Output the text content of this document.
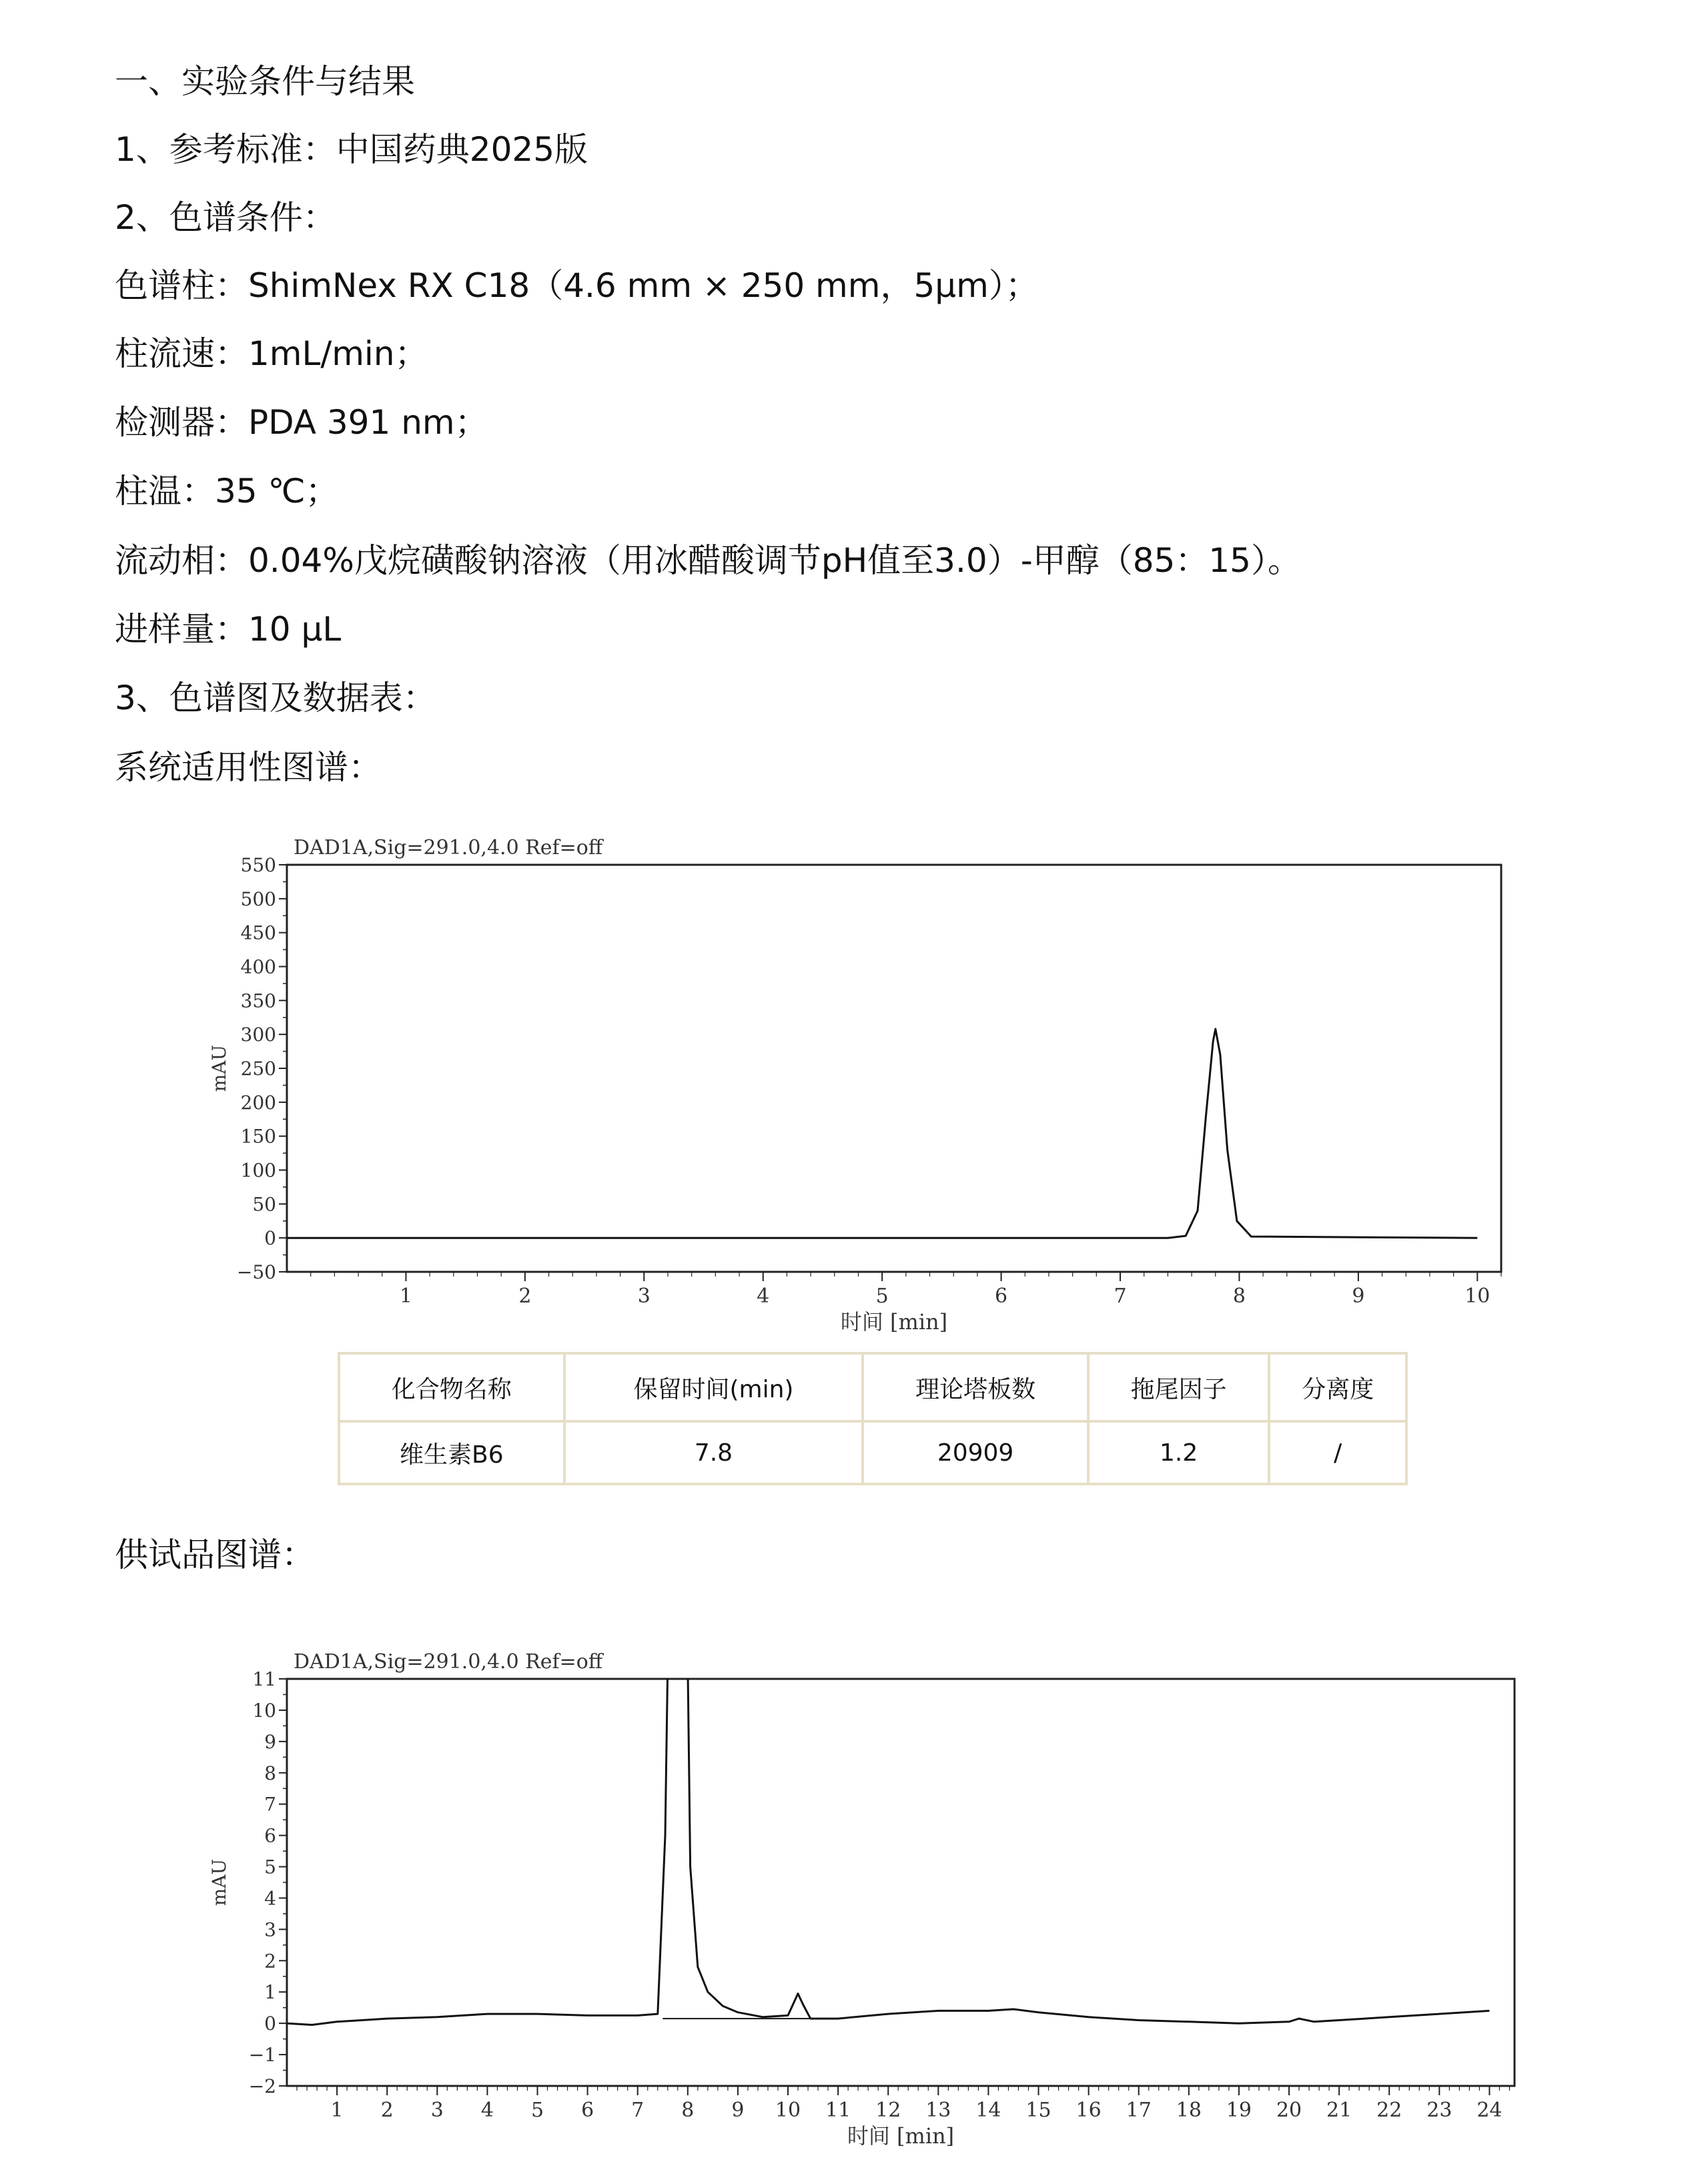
一、实验条件与结果
1、参考标准：中国药典2025版
2、色谱条件：
色谱柱：ShimNex RX C18（4.6 mm × 250 mm，5μm）；
柱流速：1mL/min；
检测器：PDA 391 nm；
柱温：35 ℃；
流动相：0.04%戊烷磺酸钠溶液（用冰醋酸调节pH值至3.0）-甲醇（85：15）。
进样量：10 μL
3、色谱图及数据表：
系统适用性图谱：
DAD1A,Sig=291.0,4.0 Ref=off
−50
0
50
100
150
200
250
300
350
400
450
500
550
1	2	3	4	5	6	7	8	9	10
时间 [min]
mAU
化合物名称	保留时间(min)	理论塔板数	拖尾因子	分离度
维生素B6	7.8	20909	1.2	/
供试品图谱：
DAD1A,Sig=291.0,4.0 Ref=off
−2
−1
0
1
2
3
4
5
6
7
8
9
10
11
1 2 3 4 5 6 7 8 9 10 11 12 13 14 15 16 17 18 19 20 21 22 23 24
时间 [min]
mAU
